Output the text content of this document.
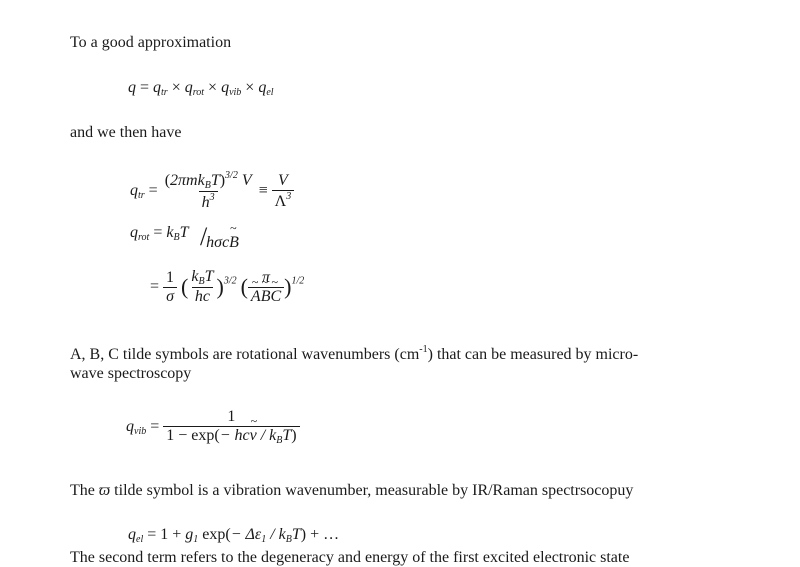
To a good approximation
$q = q_{tr} \times q_{rot} \times q_{vib} \times q_{el}$
and we then have
$q_{tr} = \frac{(2\pi mk_BT)^{3/2} V}{h^3} \equiv \frac{V}{\Lambda^3}$
$q_{rot} = k_BT$  hσc~ B
/
= $\frac{1}{\sigma}$ ( $\frac{k_BT}{hc} )^{3/2}$ ( π
~ A~ B~ C )$^{1/2}$
A, B, C tilde symbols are rotational wavenumbers $(cm^{-1})$ that can be measured by micro-
wave spectroscopy
$q_{vib} = \frac{1}{1 - \exp(- hc\sim \nu / k_BT)}$
The ϖ tilde symbol is a vibration wavenumber, measurable by IR/Raman spectrsocopuy
$q_{el} = 1 + g_1$ $\exp(- \Delta\varepsilon_1 / k_BT)$ + …
The second term refers to the degeneracy and energy of the first excited electronic state
